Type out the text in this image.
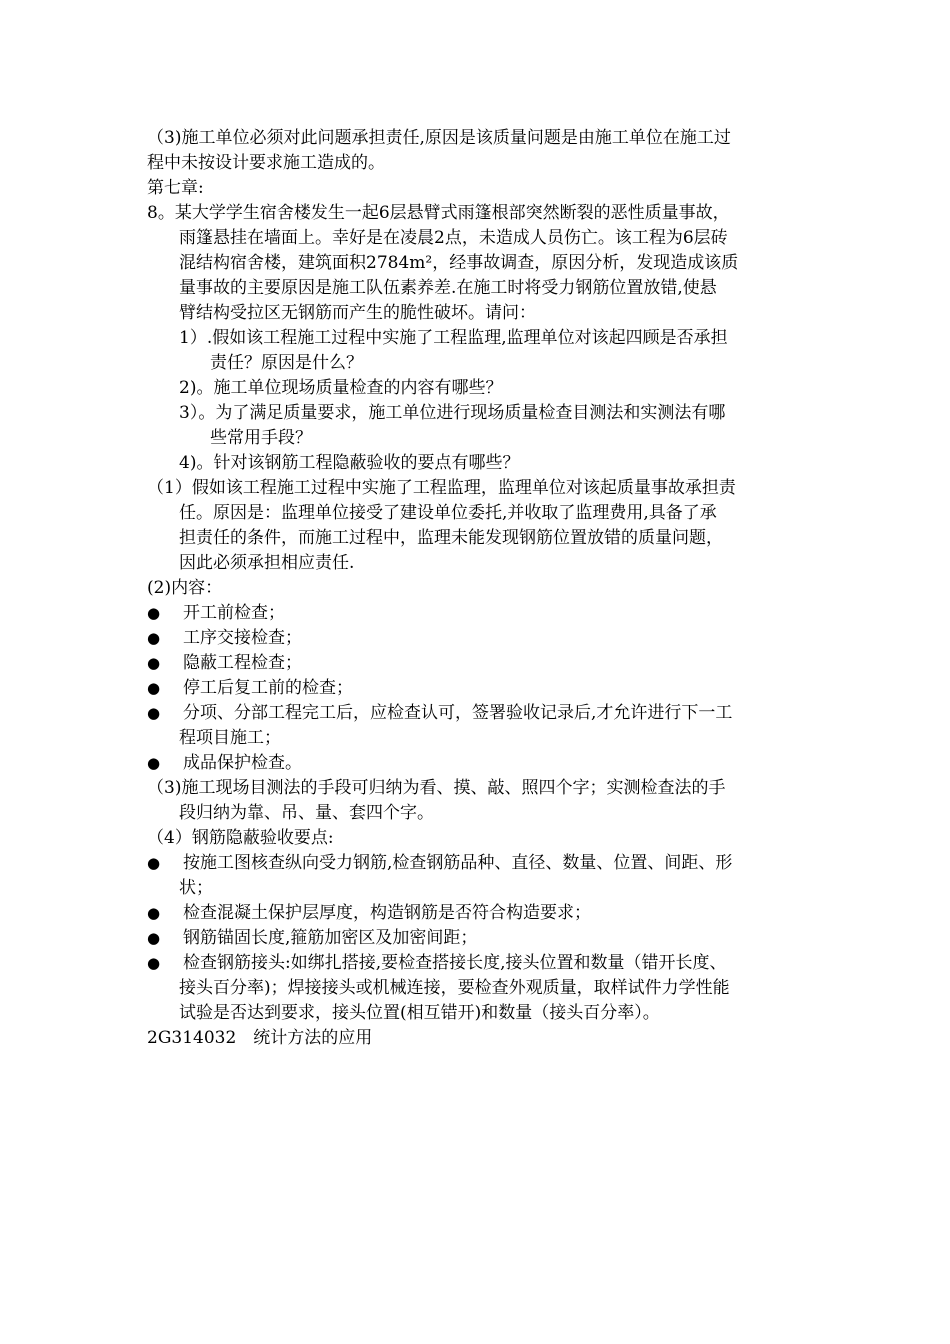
（3)施工单位必须对此问题承担责任,原因是该质量问题是由施工单位在施工过
程中未按设计要求施工造成的。
第七章:
8。某大学学生宿舍楼发生一起6层悬臂式雨篷根部突然断裂的恶性质量事故，
雨篷悬挂在墙面上。幸好是在凌晨2点，未造成人员伤亡。该工程为6层砖
混结构宿舍楼，建筑面积2784m²，经事故调查，原因分析，发现造成该质
量事故的主要原因是施工队伍素养差.在施工时将受力钢筋位置放错,使悬
臂结构受拉区无钢筋而产生的脆性破坏。请问：
1）.假如该工程施工过程中实施了工程监理,监理单位对该起四顾是否承担
责任？原因是什么？
2)。施工单位现场质量检查的内容有哪些？
3）。为了满足质量要求，施工单位进行现场质量检查目测法和实测法有哪
些常用手段？
4)。针对该钢筋工程隐蔽验收的要点有哪些？
（1）假如该工程施工过程中实施了工程监理，监理单位对该起质量事故承担责
任。原因是：监理单位接受了建设单位委托,并收取了监理费用,具备了承
担责任的条件，而施工过程中，监理未能发现钢筋位置放错的质量问题，
因此必须承担相应责任.
(2)内容：
● 开工前检查；
● 工序交接检查；
● 隐蔽工程检查；
● 停工后复工前的检查；
● 分项、分部工程完工后，应检查认可，签署验收记录后,才允许进行下一工
程项目施工；
● 成品保护检查。
（3)施工现场目测法的手段可归纳为看、摸、敲、照四个字；实测检查法的手
段归纳为靠、吊、量、套四个字。
（4）钢筋隐蔽验收要点:
● 按施工图核查纵向受力钢筋,检查钢筋品种、直径、数量、位置、间距、形
状；
● 检查混凝土保护层厚度，构造钢筋是否符合构造要求；
● 钢筋锚固长度,箍筋加密区及加密间距；
● 检查钢筋接头:如绑扎搭接,要检查搭接长度,接头位置和数量（错开长度、
接头百分率)；焊接接头或机械连接，要检查外观质量，取样试件力学性能
试验是否达到要求，接头位置(相互错开)和数量（接头百分率）。
2G314032　统计方法的应用
